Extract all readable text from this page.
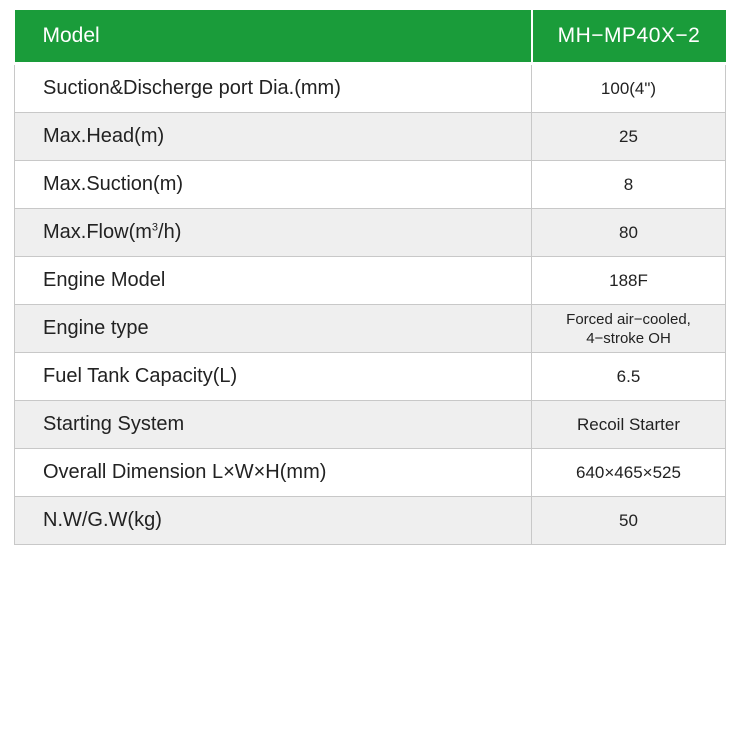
Model	MH−MP40X−2
Suction&Discherge port Dia.(mm)	100(4")
Max.Head(m)	25
Max.Suction(m)	8
$Max.Flow(m^3/h)$	80
Engine Model	188F
Engine type	Forced air−cooled,
4−stroke OH

Fuel Tank Capacity(L)	6.5
Starting System	Recoil Starter
Overall Dimension L×W×H(mm)	640×465×525
N.W/G.W(kg)	50
